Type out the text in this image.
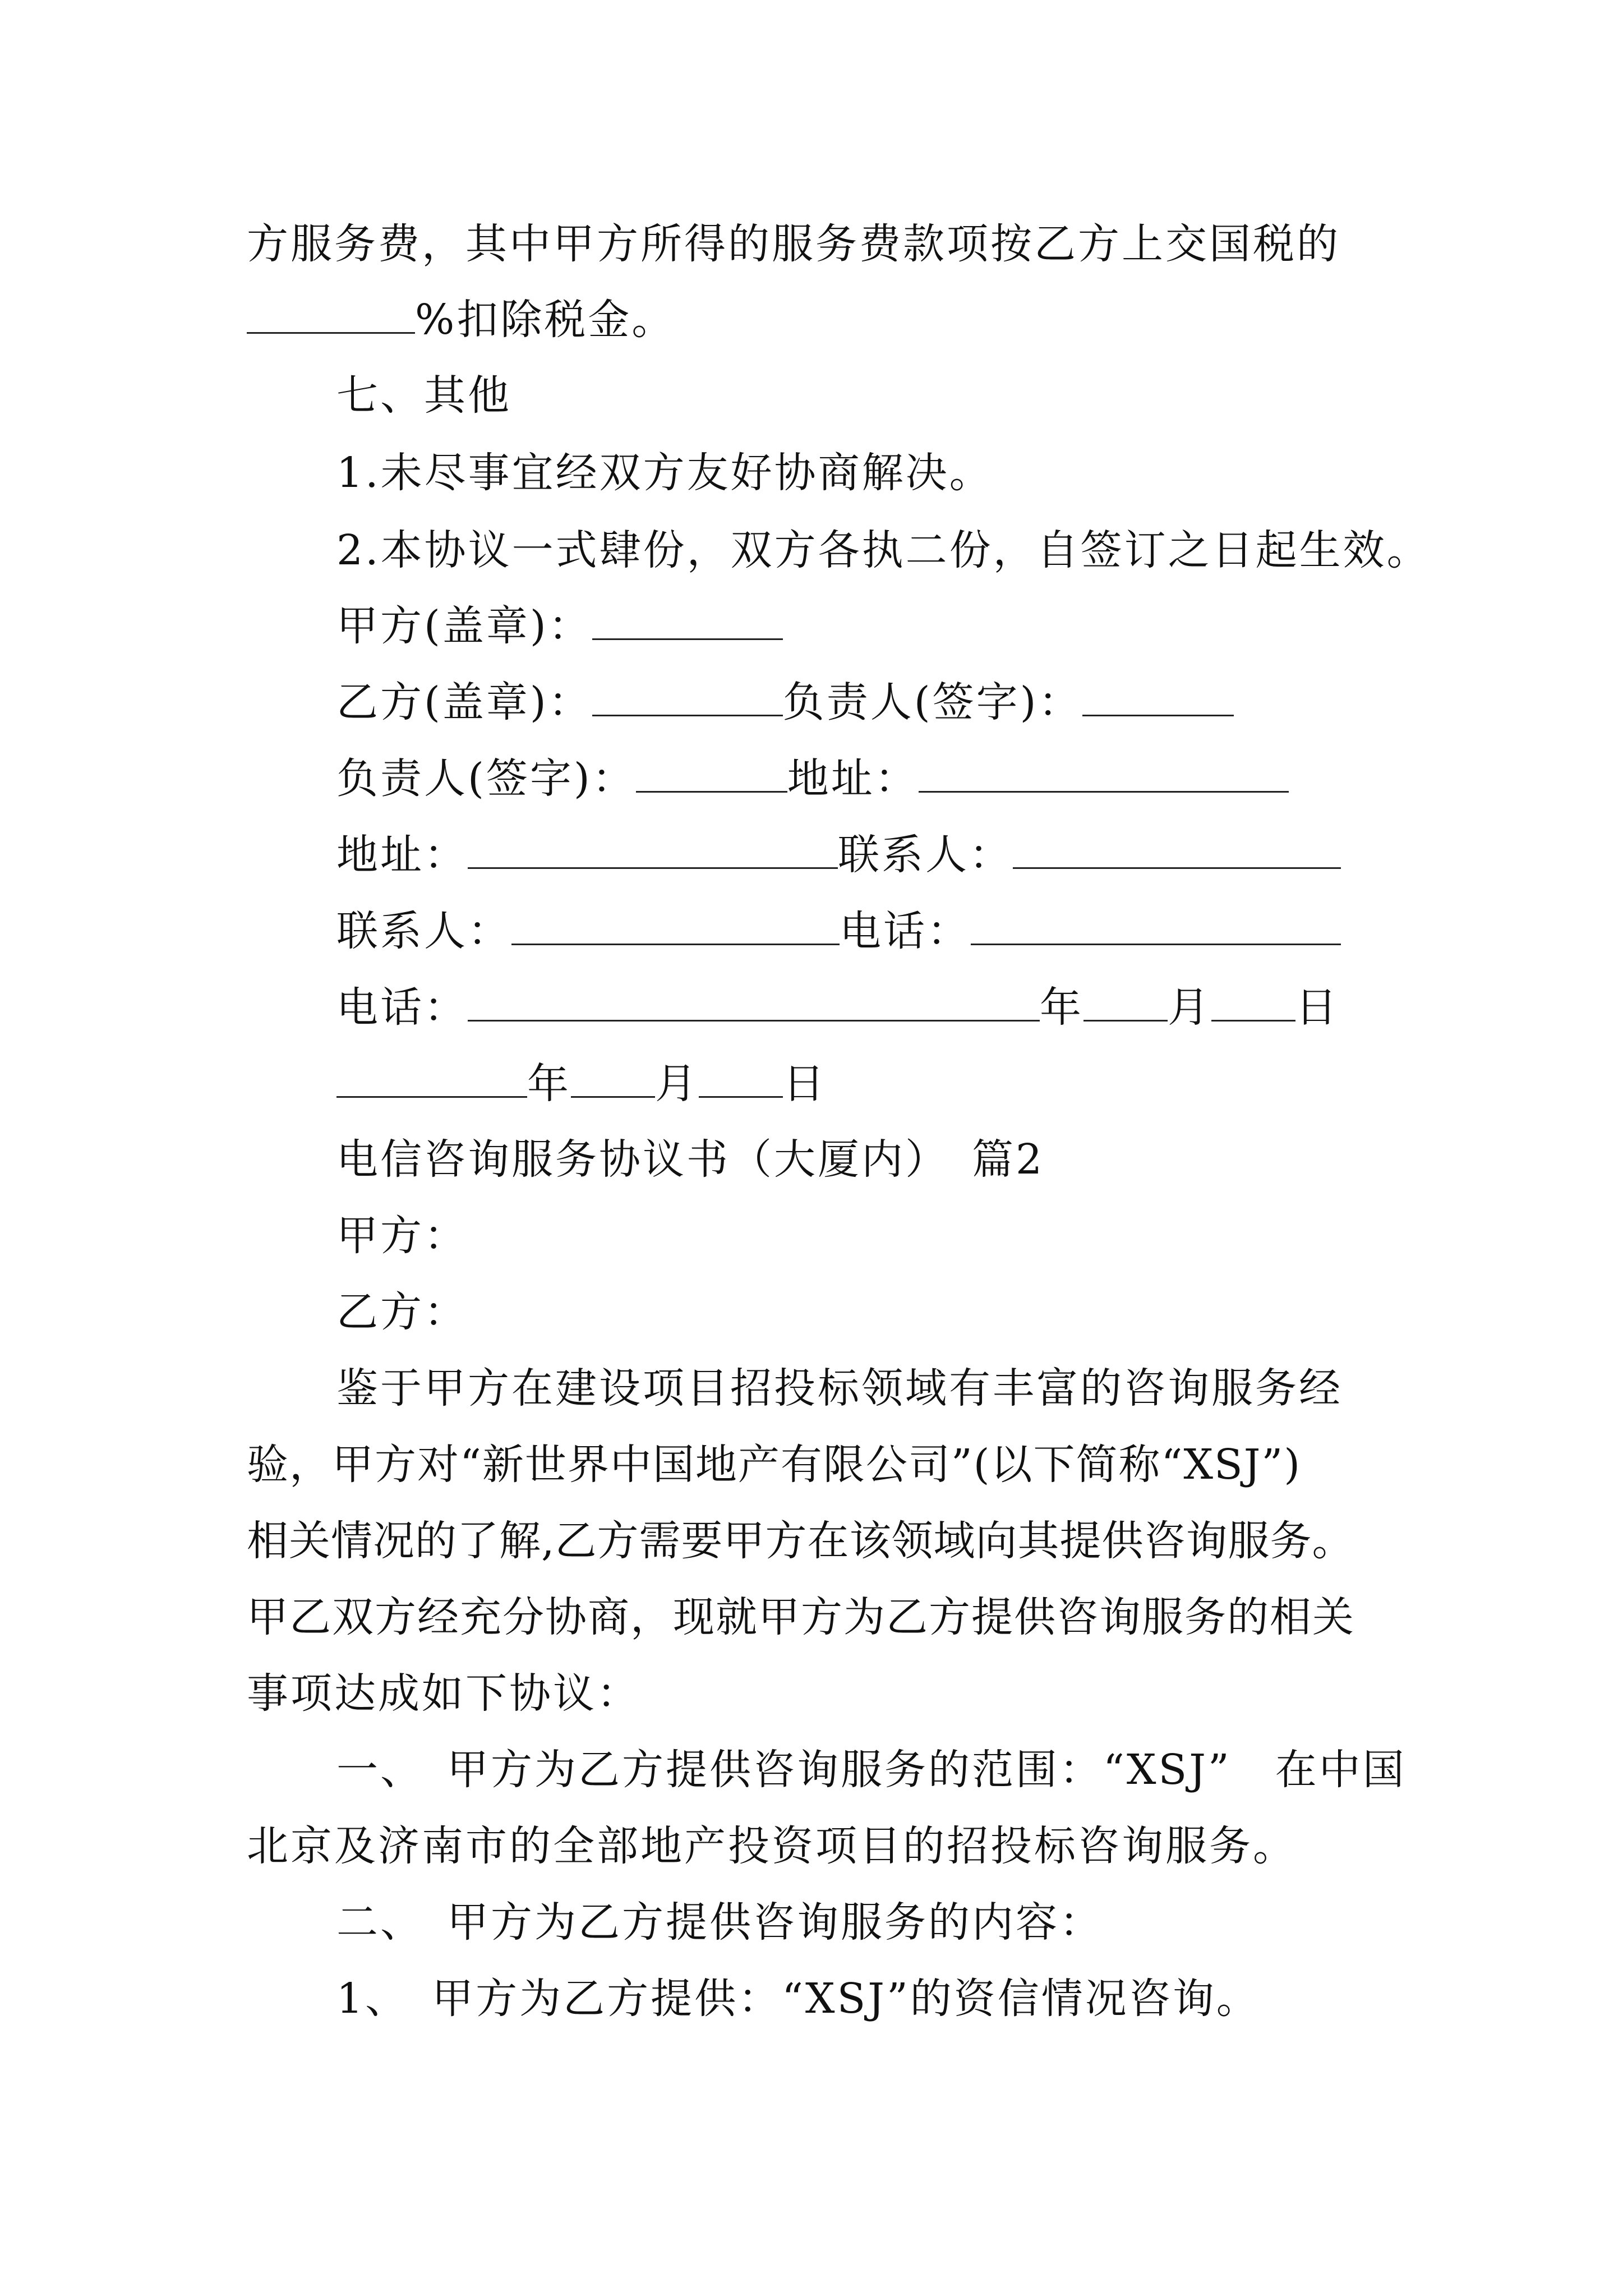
方服务费，其中甲方所得的服务费款项按乙方上交国税的
%扣除税金。
七、其他
1.未尽事宜经双方友好协商解决。
2.本协议一式肆份，双方各执二份，自签订之日起生效。
甲方(盖章)：
乙方(盖章)：	负责人(签字)：
负责人(签字)：	地址：
地址：	联系人：
联系人：	电话：
电话：	年 月 日
年 月 日
电信咨询服务协议书（大厦内）　篇2
甲方：
乙方：
鉴于甲方在建设项目招投标领域有丰富的咨询服务经
验，甲方对“新世界中国地产有限公司”(以下简称“XSJ”)
相关情况的了解,乙方需要甲方在该领域向其提供咨询服务。
甲乙双方经充分协商，现就甲方为乙方提供咨询服务的相关
事项达成如下协议：
一、　甲方为乙方提供咨询服务的范围：“XSJ”　在中国
北京及济南市的全部地产投资项目的招投标咨询服务。
二、　甲方为乙方提供咨询服务的内容：
1、　甲方为乙方提供：“XSJ”的资信情况咨询。
